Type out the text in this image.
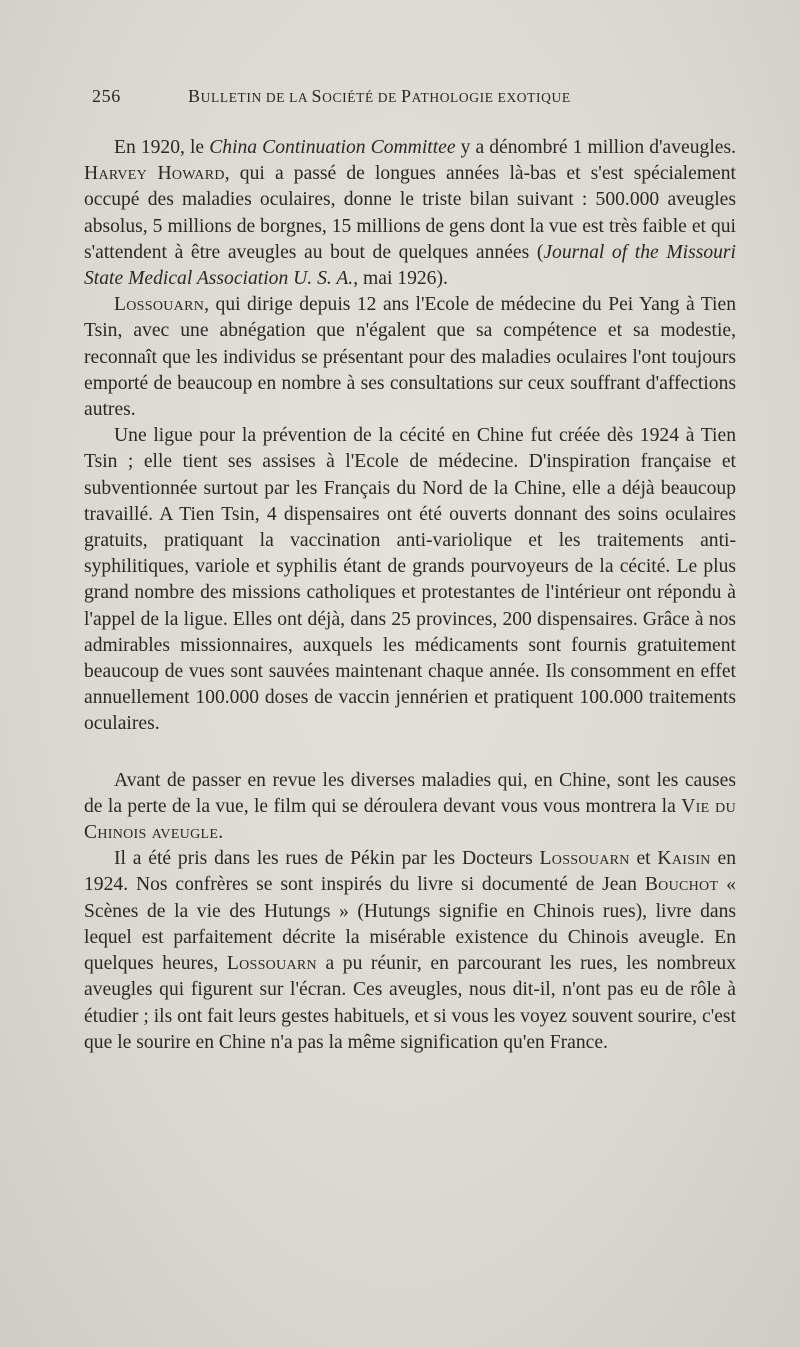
256	BULLETIN DE LA SOCIÉTÉ DE PATHOLOGIE EXOTIQUE

En 1920, le China Continuation Committee y a dénombré 1 million d'aveugles. Harvey Howard, qui a passé de longues années là-bas et s'est spécialement occupé des maladies oculaires, donne le triste bilan suivant : 500.000 aveugles absolus, 5 millions de borgnes, 15 millions de gens dont la vue est très faible et qui s'attendent à être aveugles au bout de quelques années (Journal of the Missouri State Medical Association U. S. A., mai 1926).

Lossouarn, qui dirige depuis 12 ans l'Ecole de médecine du Pei Yang à Tien Tsin, avec une abnégation que n'égalent que sa compétence et sa modestie, reconnaît que les individus se présentant pour des maladies oculaires l'ont toujours emporté de beaucoup en nombre à ses consultations sur ceux souffrant d'affections autres.

Une ligue pour la prévention de la cécité en Chine fut créée dès 1924 à Tien Tsin ; elle tient ses assises à l'Ecole de médecine. D'inspiration française et subventionnée surtout par les Français du Nord de la Chine, elle a déjà beaucoup travaillé. A Tien Tsin, 4 dispensaires ont été ouverts donnant des soins oculaires gratuits, pratiquant la vaccination anti-variolique et les traitements anti-syphilitiques, variole et syphilis étant de grands pourvoyeurs de la cécité. Le plus grand nombre des missions catholiques et protestantes de l'intérieur ont répondu à l'appel de la ligue. Elles ont déjà, dans 25 provinces, 200 dispensaires. Grâce à nos admirables missionnaires, auxquels les médicaments sont fournis gratuitement beaucoup de vues sont sauvées maintenant chaque année. Ils consomment en effet annuellement 100.000 doses de vaccin jennérien et pratiquent 100.000 traitements oculaires.

Avant de passer en revue les diverses maladies qui, en Chine, sont les causes de la perte de la vue, le film qui se déroulera devant vous vous montrera la Vie du Chinois aveugle.

Il a été pris dans les rues de Pékin par les Docteurs Lossouarn et Kaisin en 1924. Nos confrères se sont inspirés du livre si documenté de Jean Bouchot « Scènes de la vie des Hutungs » (Hutungs signifie en Chinois rues), livre dans lequel est parfaitement décrite la misérable existence du Chinois aveugle. En quelques heures, Lossouarn a pu réunir, en parcourant les rues, les nombreux aveugles qui figurent sur l'écran. Ces aveugles, nous dit-il, n'ont pas eu de rôle à étudier ; ils ont fait leurs gestes habituels, et si vous les voyez souvent sourire, c'est que le sourire en Chine n'a pas la même signification qu'en France.
